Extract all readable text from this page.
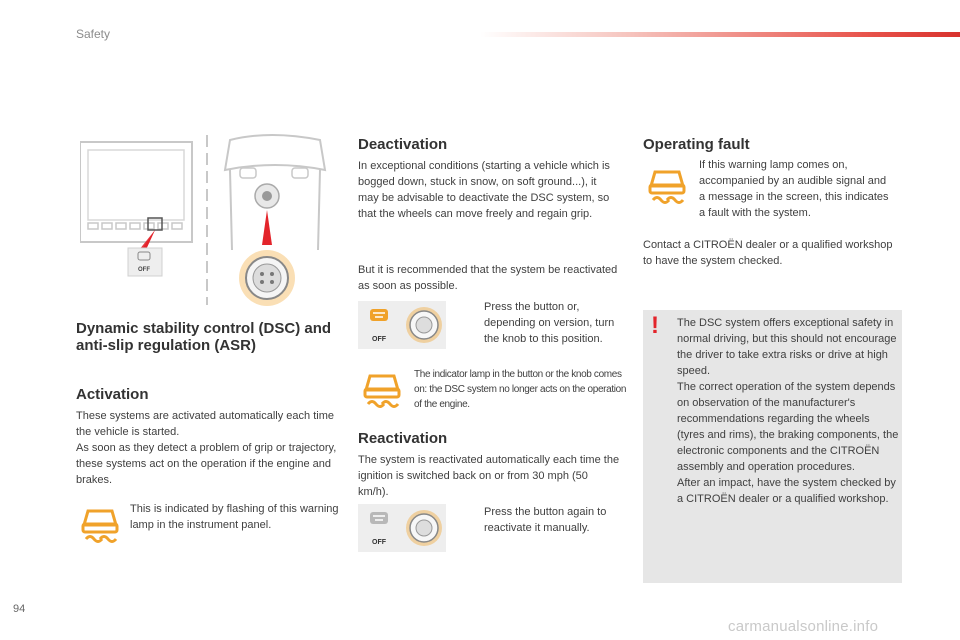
Safety
OFF
Dynamic stability control (DSC) and anti-slip regulation (ASR)
Activation

These systems are activated automatically each time the vehicle is started.

As soon as they detect a problem of grip or trajectory, these systems act on the operation if the engine and brakes.

This is indicated by flashing of this warning lamp in the instrument panel.

Deactivation

In exceptional conditions (starting a vehicle which is bogged down, stuck in snow, on soft ground...), it may be advisable to deactivate the DSC system, so that the wheels can move freely and regain grip.

But it is recommended that the system be reactivated as soon as possible.

OFF

Press the button or, depending on version, turn the knob to this position.

The indicator lamp in the button or the knob comes on: the DSC system no longer acts on the operation of the engine.

Reactivation

The system is reactivated automatically each time the ignition is switched back on or from 30 mph (50 km/h).

OFF

Press the button again to reactivate it manually.

Operating fault

If this warning lamp comes on, accompanied by an audible signal and a message in the screen, this indicates a fault with the system.

Contact a CITROËN dealer or a qualified workshop to have the system checked.

! The DSC system offers exceptional safety in normal driving, but this should not encourage the driver to take extra risks or drive at high speed.

The correct operation of the system depends on observation of the manufacturer's recommendations regarding the wheels (tyres and rims), the braking components, the electronic components and the CITROËN assembly and operation procedures.

After an impact, have the system checked by a CITROËN dealer or a qualified workshop.

94
carmanualsonline.info
